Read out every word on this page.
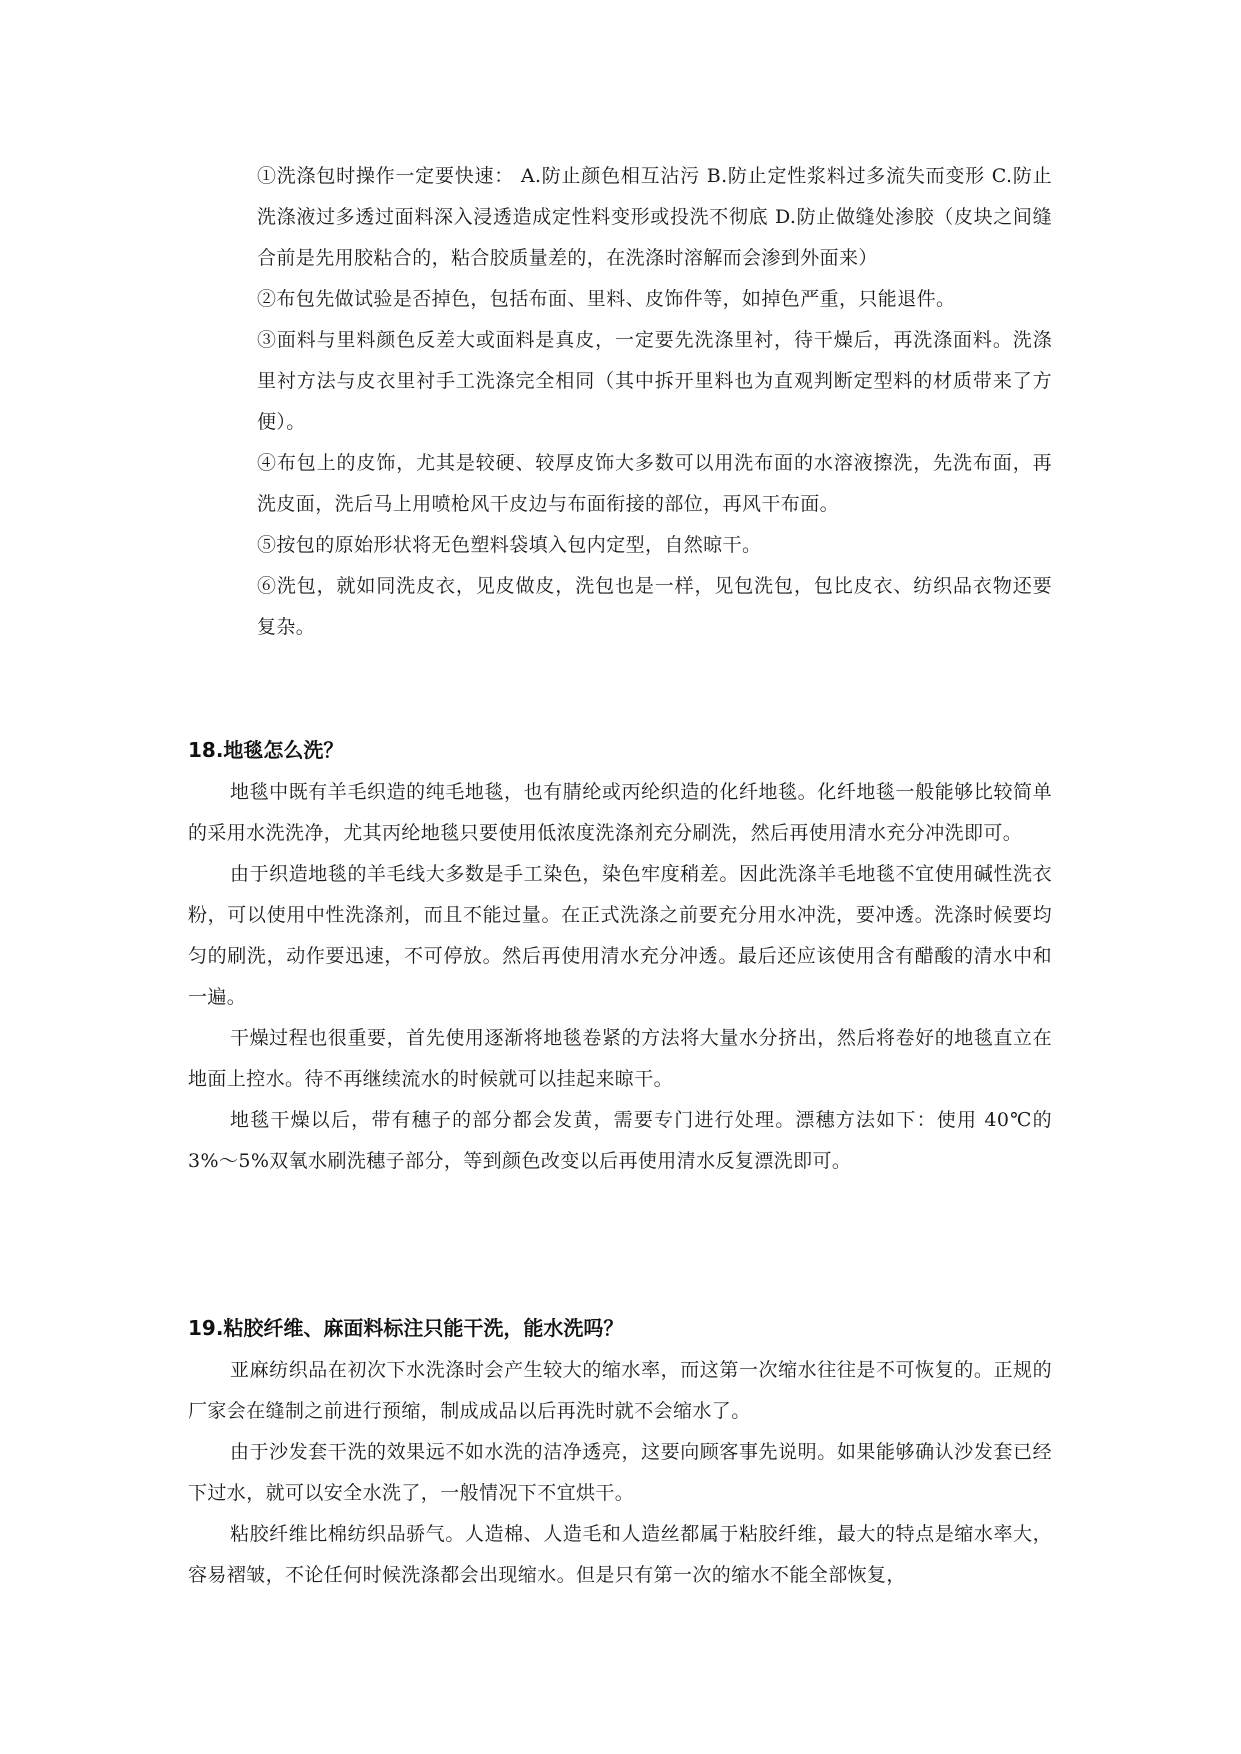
①洗涤包时操作一定要快速： A.防止颜色相互沾污 B.防止定性浆料过多流失而变形 C.防止洗涤液过多透过面料深入浸透造成定性料变形或投洗不彻底 D.防止做缝处渗胶（皮块之间缝合前是先用胶粘合的，粘合胶质量差的，在洗涤时溶解而会渗到外面来）

②布包先做试验是否掉色，包括布面、里料、皮饰件等，如掉色严重，只能退件。

③面料与里料颜色反差大或面料是真皮，一定要先洗涤里衬，待干燥后，再洗涤面料。洗涤里衬方法与皮衣里衬手工洗涤完全相同（其中拆开里料也为直观判断定型料的材质带来了方便）。

④布包上的皮饰，尤其是较硬、较厚皮饰大多数可以用洗布面的水溶液擦洗，先洗布面，再洗皮面，洗后马上用喷枪风干皮边与布面衔接的部位，再风干布面。

⑤按包的原始形状将无色塑料袋填入包内定型，自然晾干。

⑥洗包，就如同洗皮衣，见皮做皮，洗包也是一样，见包洗包，包比皮衣、纺织品衣物还要复杂。

18.地毯怎么洗？

地毯中既有羊毛织造的纯毛地毯，也有腈纶或丙纶织造的化纤地毯。化纤地毯一般能够比较简单的采用水洗洗净，尤其丙纶地毯只要使用低浓度洗涤剂充分刷洗，然后再使用清水充分冲洗即可。

由于织造地毯的羊毛线大多数是手工染色，染色牢度稍差。因此洗涤羊毛地毯不宜使用碱性洗衣粉，可以使用中性洗涤剂，而且不能过量。在正式洗涤之前要充分用水冲洗，要冲透。洗涤时候要均匀的刷洗，动作要迅速，不可停放。然后再使用清水充分冲透。最后还应该使用含有醋酸的清水中和一遍。

干燥过程也很重要，首先使用逐渐将地毯卷紧的方法将大量水分挤出，然后将卷好的地毯直立在地面上控水。待不再继续流水的时候就可以挂起来晾干。

地毯干燥以后，带有穗子的部分都会发黄，需要专门进行处理。漂穗方法如下：使用 40℃的 3%～5%双氧水刷洗穗子部分，等到颜色改变以后再使用清水反复漂洗即可。

19.粘胶纤维、麻面料标注只能干洗，能水洗吗？

亚麻纺织品在初次下水洗涤时会产生较大的缩水率，而这第一次缩水往往是不可恢复的。正规的厂家会在缝制之前进行预缩，制成成品以后再洗时就不会缩水了。

由于沙发套干洗的效果远不如水洗的洁净透亮，这要向顾客事先说明。如果能够确认沙发套已经下过水，就可以安全水洗了，一般情况下不宜烘干。

粘胶纤维比棉纺织品骄气。人造棉、人造毛和人造丝都属于粘胶纤维，最大的特点是缩水率大，容易褶皱，不论任何时候洗涤都会出现缩水。但是只有第一次的缩水不能全部恢复，
